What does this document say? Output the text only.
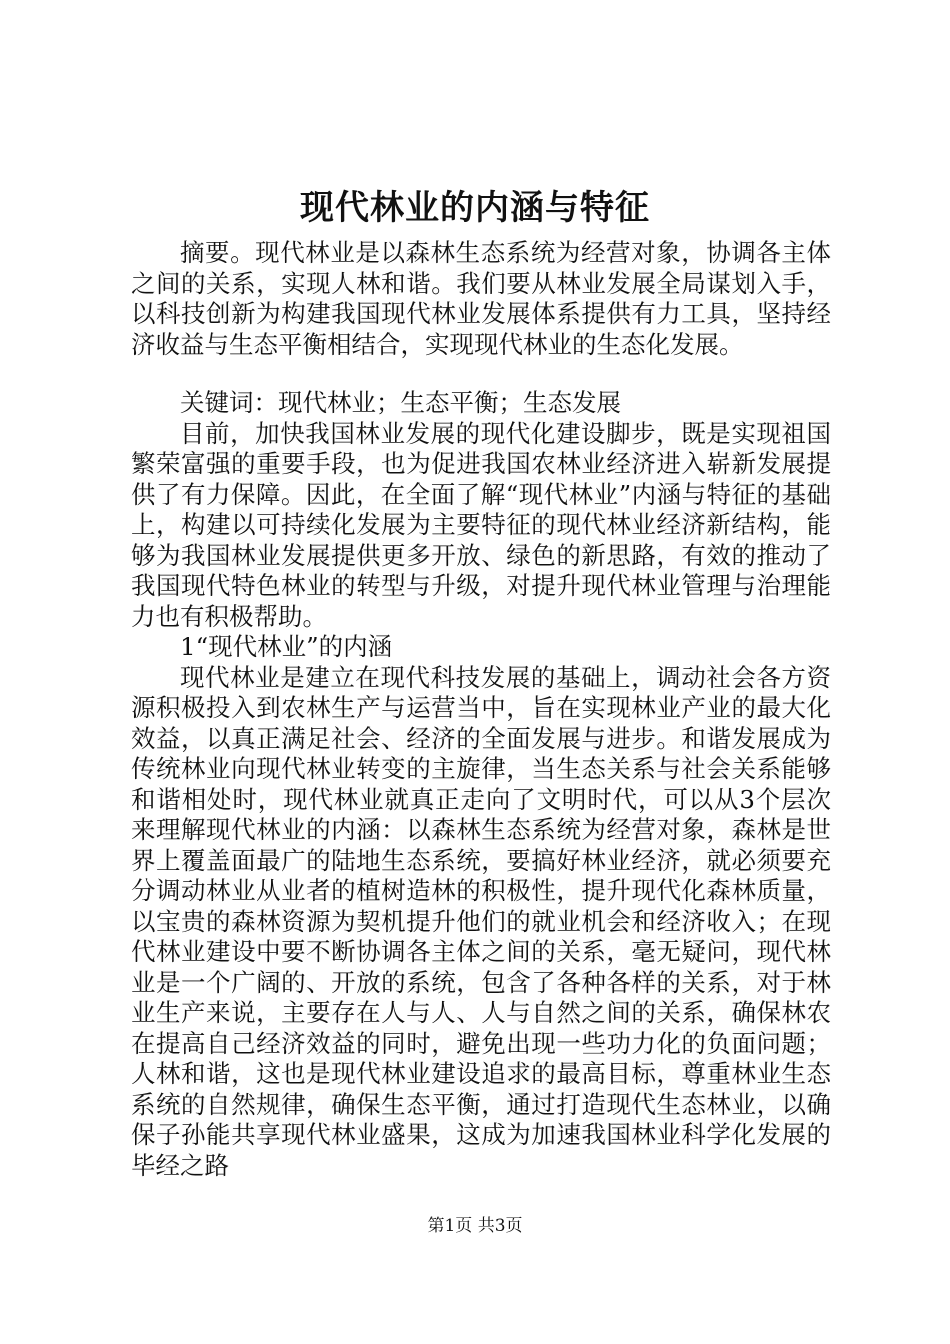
现代林业的内涵与特征

摘要。现代林业是以森林生态系统为经营对象，协调各主体之间的关系，实现人林和谐。我们要从林业发展全局谋划入手，以科技创新为构建我国现代林业发展体系提供有力工具，坚持经济收益与生态平衡相结合，实现现代林业的生态化发展。

关键词：现代林业；生态平衡；生态发展

目前，加快我国林业发展的现代化建设脚步，既是实现祖国繁荣富强的重要手段，也为促进我国农林业经济进入崭新发展提供了有力保障。因此，在全面了解“现代林业”内涵与特征的基础上，构建以可持续化发展为主要特征的现代林业经济新结构，能够为我国林业发展提供更多开放、绿色的新思路，有效的推动了我国现代特色林业的转型与升级，对提升现代林业管理与治理能力也有积极帮助。

1“现代林业”的内涵

现代林业是建立在现代科技发展的基础上，调动社会各方资源积极投入到农林生产与运营当中，旨在实现林业产业的最大化效益，以真正满足社会、经济的全面发展与进步。和谐发展成为传统林业向现代林业转变的主旋律，当生态关系与社会关系能够和谐相处时，现代林业就真正走向了文明时代，可以从3个层次来理解现代林业的内涵：以森林生态系统为经营对象，森林是世界上覆盖面最广的陆地生态系统，要搞好林业经济，就必须要充分调动林业从业者的植树造林的积极性，提升现代化森林质量，以宝贵的森林资源为契机提升他们的就业机会和经济收入；在现代林业建设中要不断协调各主体之间的关系，毫无疑问，现代林业是一个广阔的、开放的系统，包含了各种各样的关系，对于林业生产来说，主要存在人与人、人与自然之间的关系，确保林农在提高自己经济效益的同时，避免出现一些功力化的负面问题；人林和谐，这也是现代林业建设追求的最高目标，尊重林业生态系统的自然规律，确保生态平衡，通过打造现代生态林业，以确保子孙能共享现代林业盛果，这成为加速我国林业科学化发展的毕经之路

第1页 共3页
